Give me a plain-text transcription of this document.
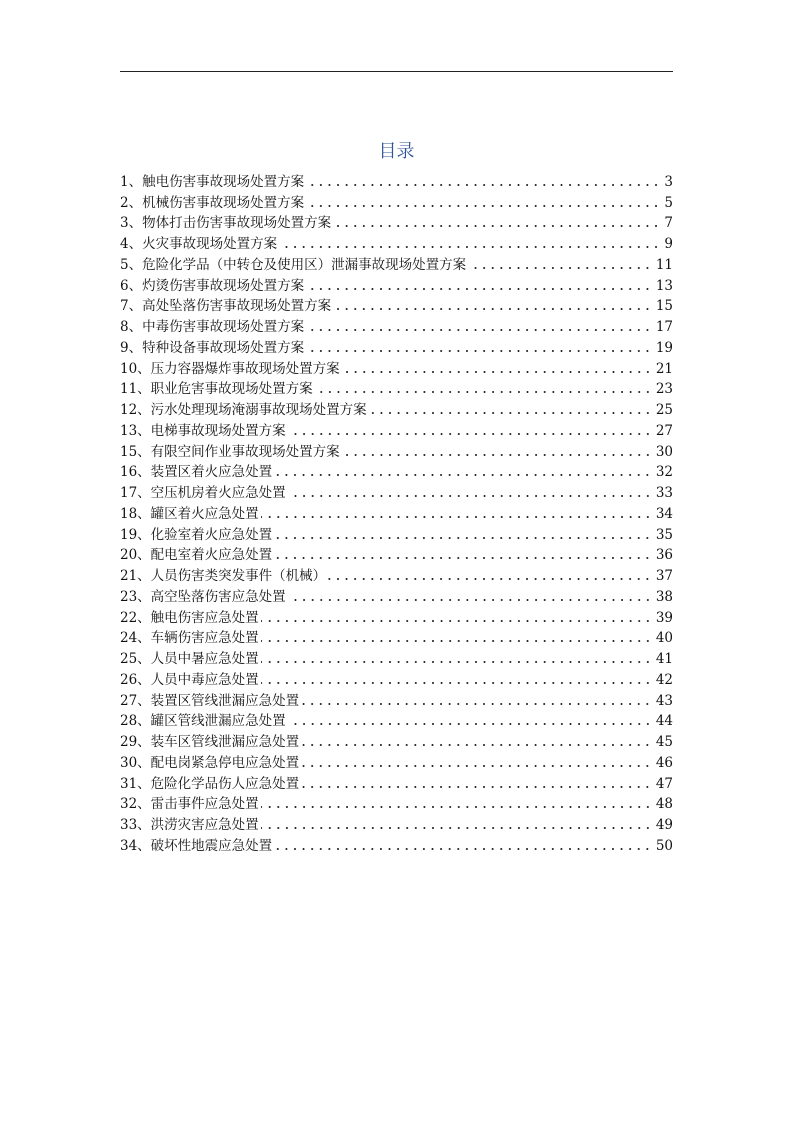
目录
1、触电伤害事故现场处置方案	3
2、机械伤害事故现场处置方案	5
3、物体打击伤害事故现场处置方案	7
4、火灾事故现场处置方案	9
5、危险化学品（中转仓及使用区）泄漏事故现场处置方案	11
6、灼烫伤害事故现场处置方案	13
7、高处坠落伤害事故现场处置方案	15
8、中毒伤害事故现场处置方案	17
9、特种设备事故现场处置方案	19
10、压力容器爆炸事故现场处置方案	21
11、职业危害事故现场处置方案	23
12、污水处理现场淹溺事故现场处置方案	25
13、电梯事故现场处置方案	27
15、有限空间作业事故现场处置方案	30
16、装置区着火应急处置	32
17、空压机房着火应急处置	33
18、罐区着火应急处置	34
19、化验室着火应急处置	35
20、配电室着火应急处置	36
21、人员伤害类突发事件（机械）	37
23、高空坠落伤害应急处置	38
22、触电伤害应急处置	39
24、车辆伤害应急处置	40
25、人员中暑应急处置	41
26、人员中毒应急处置	42
27、装置区管线泄漏应急处置	43
28、罐区管线泄漏应急处置	44
29、装车区管线泄漏应急处置	45
30、配电岗紧急停电应急处置	46
31、危险化学品伤人应急处置	47
32、雷击事件应急处置	48
33、洪涝灾害应急处置	49
34、破坏性地震应急处置	50
